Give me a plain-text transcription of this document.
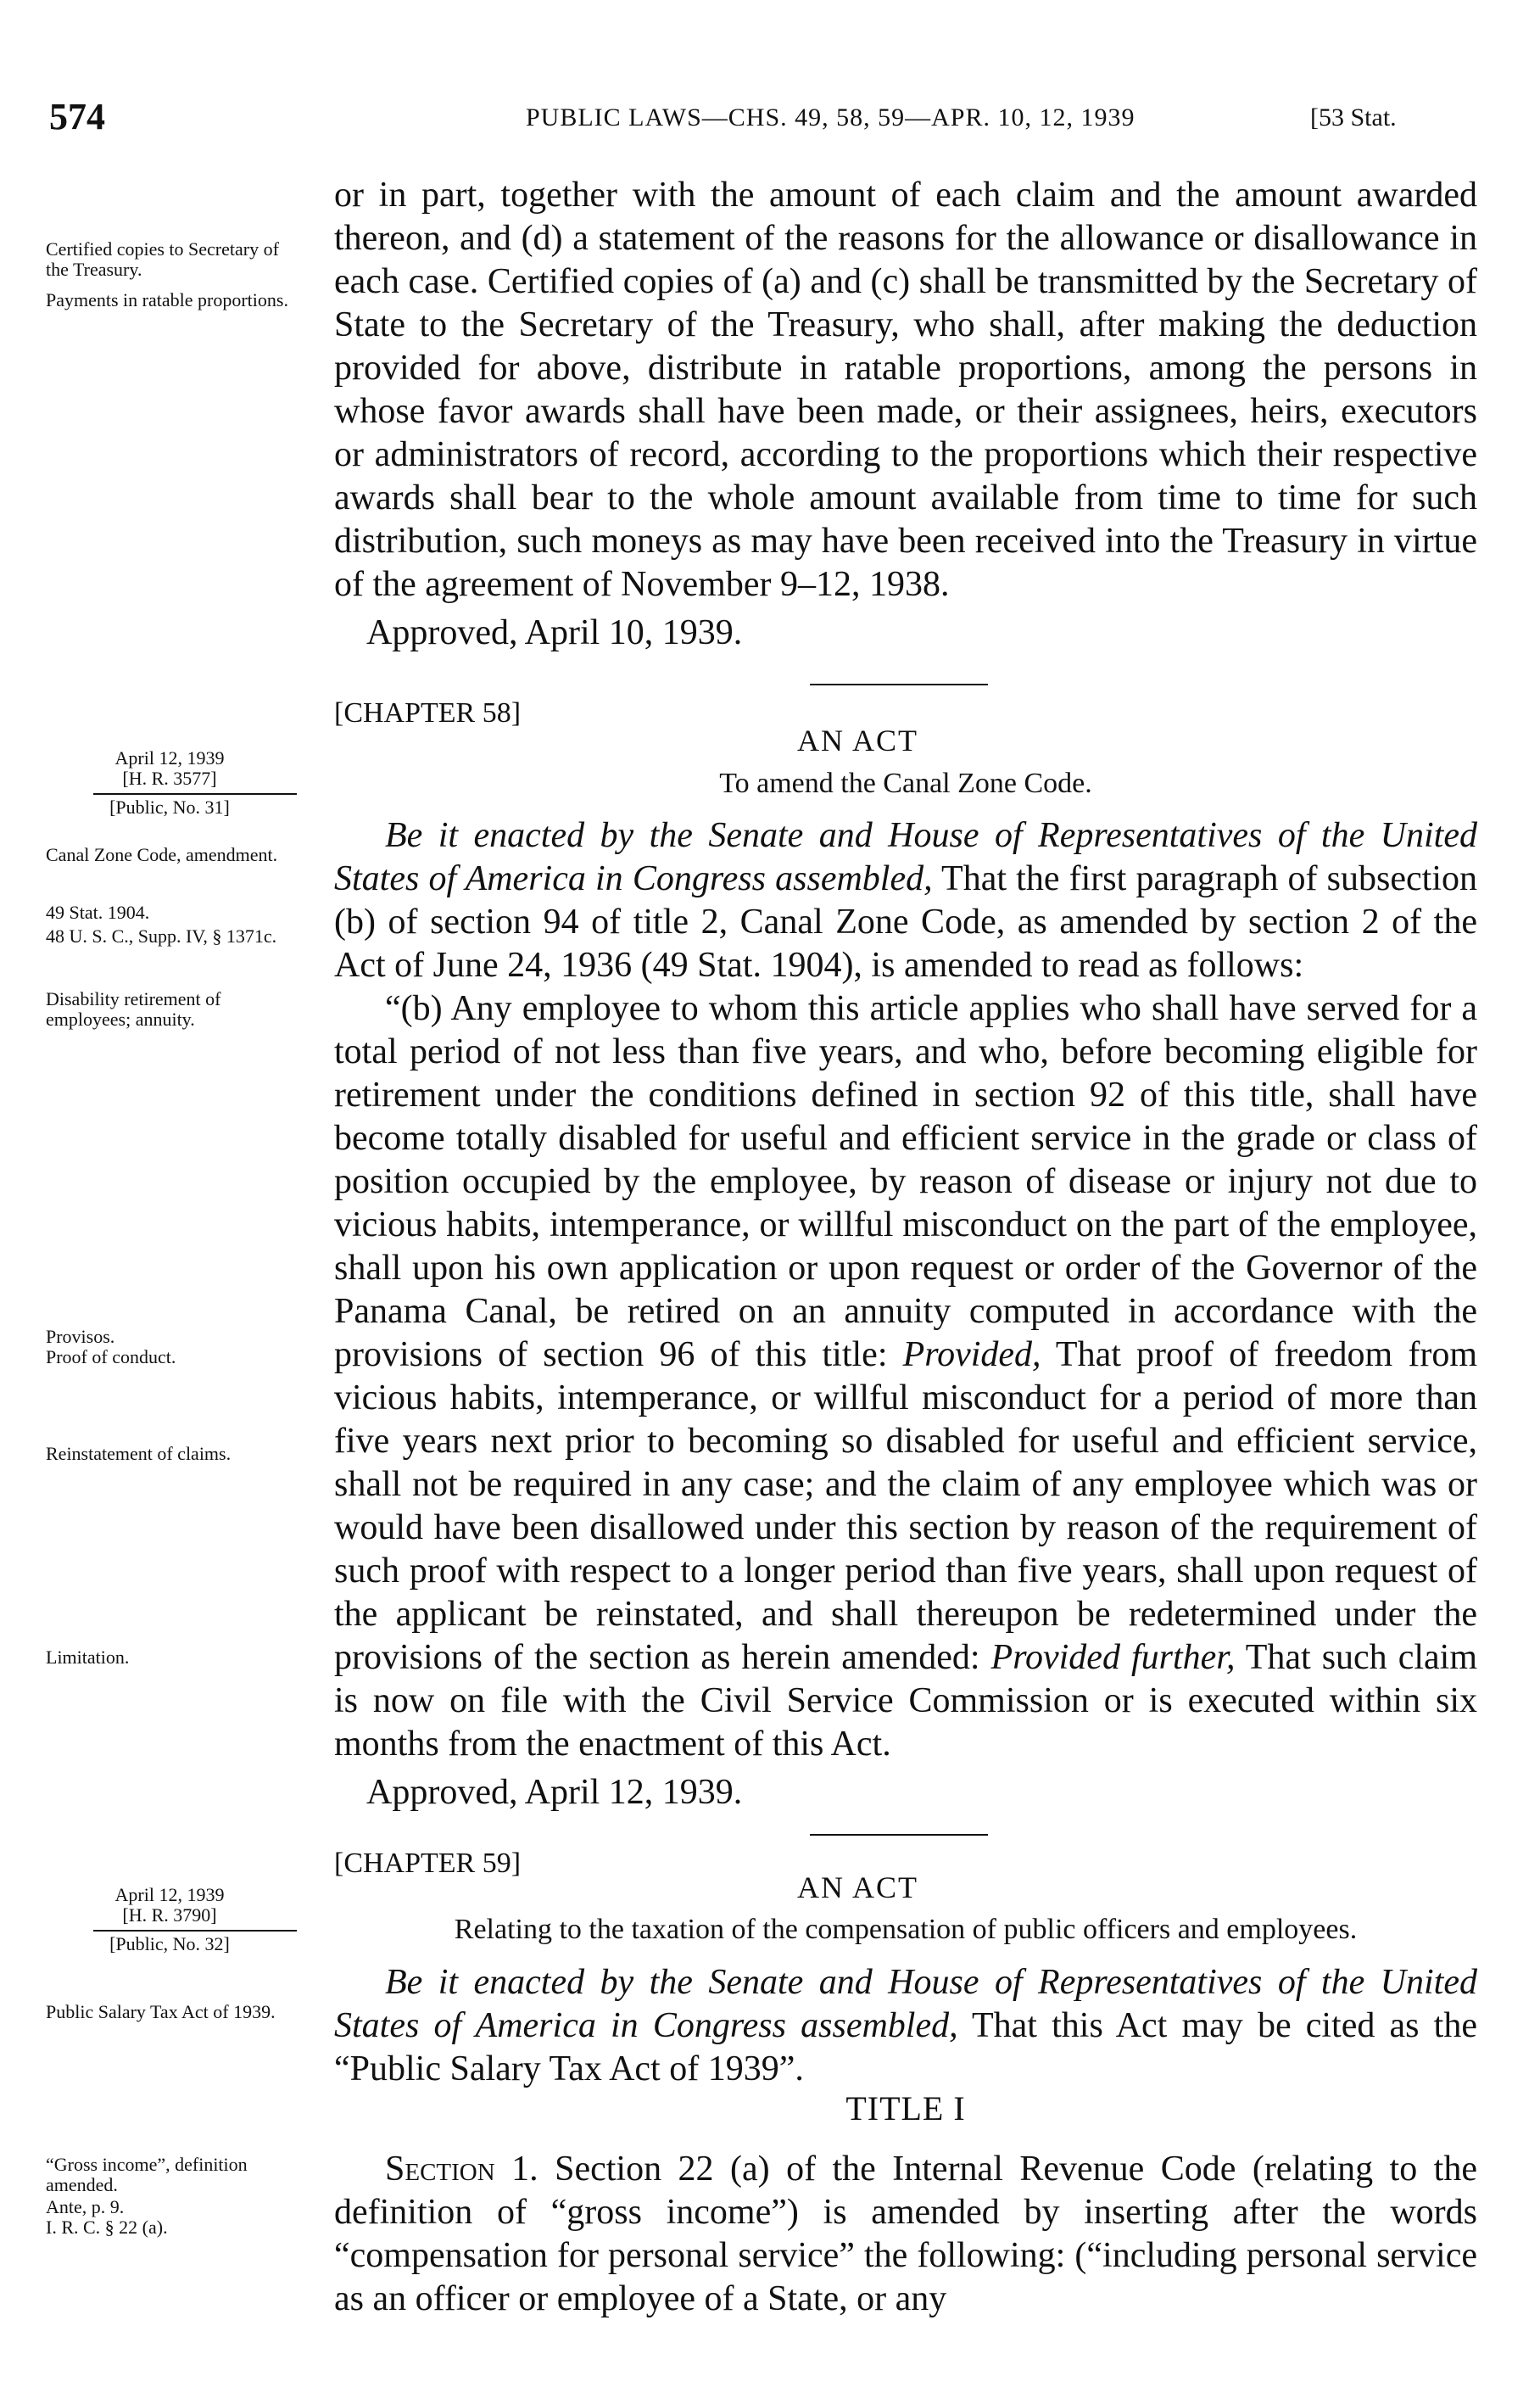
574	PUBLIC LAWS—CHS. 49, 58, 59—APR. 10, 12, 1939	[53 Stat.

or in part, together with the amount of each claim and the amount awarded thereon, and (d) a statement of the reasons for the allowance or disallowance in each case. Certified copies of (a) and (c) shall be transmitted by the Secretary of State to the Secretary of the Treasury, who shall, after making the deduction provided for above, distribute in ratable proportions, among the persons in whose favor awards shall have been made, or their assignees, heirs, executors or administrators of record, according to the proportions which their respective awards shall bear to the whole amount available from time to time for such distribution, such moneys as may have been received into the Treasury in virtue of the agreement of November 9–12, 1938.

Approved, April 10, 1939.

[CHAPTER 58]
AN ACT
To amend the Canal Zone Code.

Be it enacted by the Senate and House of Representatives of the United States of America in Congress assembled, That the first paragraph of subsection (b) of section 94 of title 2, Canal Zone Code, as amended by section 2 of the Act of June 24, 1936 (49 Stat. 1904), is amended to read as follows:

“(b) Any employee to whom this article applies who shall have served for a total period of not less than five years, and who, before becoming eligible for retirement under the conditions defined in section 92 of this title, shall have become totally disabled for useful and efficient service in the grade or class of position occupied by the employee, by reason of disease or injury not due to vicious habits, intemperance, or willful misconduct on the part of the employee, shall upon his own application or upon request or order of the Governor of the Panama Canal, be retired on an annuity computed in accordance with the provisions of section 96 of this title: Provided, That proof of freedom from vicious habits, intemperance, or willful misconduct for a period of more than five years next prior to becoming so disabled for useful and efficient service, shall not be required in any case; and the claim of any employee which was or would have been disallowed under this section by reason of the requirement of such proof with respect to a longer period than five years, shall upon request of the applicant be reinstated, and shall thereupon be redetermined under the provisions of the section as herein amended: Provided further, That such claim is now on file with the Civil Service Commission or is executed within six months from the enactment of this Act.

Approved, April 12, 1939.

[CHAPTER 59]
AN ACT
Relating to the taxation of the compensation of public officers and employees.

Be it enacted by the Senate and House of Representatives of the United States of America in Congress assembled, That this Act may be cited as the “Public Salary Tax Act of 1939”.

TITLE I

Section 1. Section 22 (a) of the Internal Revenue Code (relating to the definition of “gross income”) is amended by inserting after the words “compensation for personal service” the following: (“including personal service as an officer or employee of a State, or any

Certified copies to Secretary of the Treasury.
Payments in ratable proportions.
April 12, 1939
[H. R. 3577]
[Public, No. 31]
Canal Zone Code, amendment.
49 Stat. 1904.
48 U. S. C., Supp. IV, § 1371c.
Disability retirement of employees; annuity.
Provisos.
Proof of conduct.
Reinstatement of claims.
Limitation.
April 12, 1939
[H. R. 3790]
[Public, No. 32]
Public Salary Tax Act of 1939.
“Gross income”, definition amended.
Ante, p. 9.
I. R. C. § 22 (a).
